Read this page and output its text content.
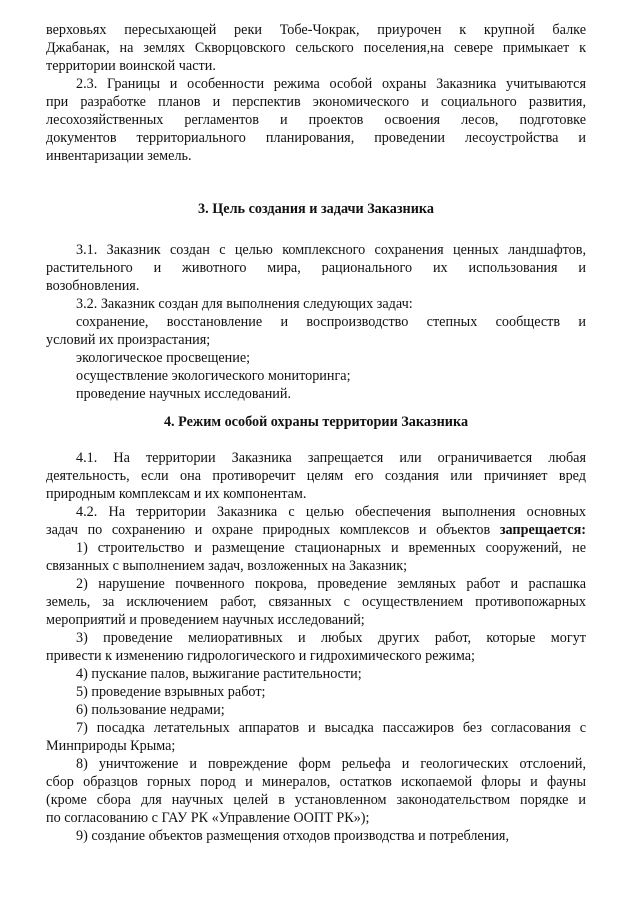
верховьях пересыхающей реки Тобе-Чокрак, приурочен к крупной балке
Джабанак, на землях Скворцовского сельского поселения,на севере примыкает к
территории воинской части.
2.3. Границы и особенности режима особой охраны Заказника учитываются
при разработке планов и перспектив экономического и социального развития,
лесохозяйственных регламентов и проектов освоения лесов, подготовке
документов территориального планирования, проведении лесоустройства и
инвентаризации земель.
3. Цель создания и задачи Заказника
3.1. Заказник создан с целью комплексного сохранения ценных ландшафтов,
растительного и животного мира, рационального их использования и
возобновления.
3.2. Заказник создан для выполнения следующих задач:
сохранение, восстановление и воспроизводство степных сообществ и
условий их произрастания;
экологическое просвещение;
осуществление экологического мониторинга;
проведение научных исследований.
4. Режим особой охраны территории Заказника
4.1. На территории Заказника запрещается или ограничивается любая
деятельность, если она противоречит целям его создания или причиняет вред
природным комплексам и их компонентам.
4.2. На территории Заказника с целью обеспечения выполнения основных
задач по сохранению и охране природных комплексов и объектов запрещается:
1) строительство и размещение стационарных и временных сооружений, не
связанных с выполнением задач, возложенных на Заказник;
2) нарушение почвенного покрова, проведение земляных работ и распашка
земель, за исключением работ, связанных с осуществлением противопожарных
мероприятий и проведением научных исследований;
3) проведение мелиоративных и любых других работ, которые могут
привести к изменению гидрологического и гидрохимического режима;
4) пускание палов, выжигание растительности;
5) проведение взрывных работ;
6) пользование недрами;
7) посадка летательных аппаратов и высадка пассажиров без согласования с
Минприроды Крыма;
8) уничтожение и повреждение форм рельефа и геологических отслоений,
сбор образцов горных пород и минералов, остатков ископаемой флоры и фауны
(кроме сбора для научных целей в установленном законодательством порядке и
по согласованию с ГАУ РК «Управление ООПТ РК»);
9) создание объектов размещения отходов производства и потребления,
